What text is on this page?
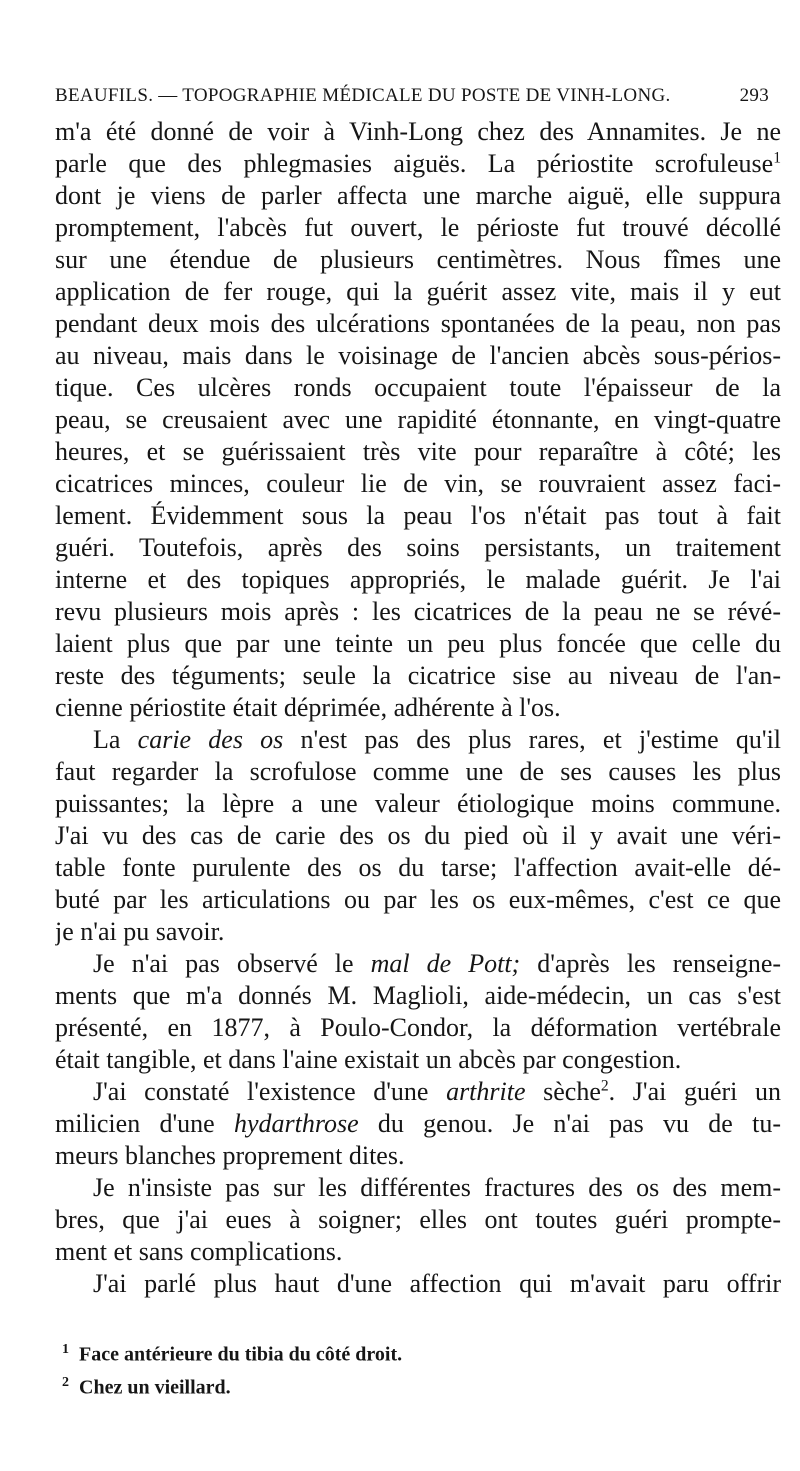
BEAUFILS. — TOPOGRAPHIE MÉDICALE DU POSTE DE VINH-LONG.	293
m'a été donné de voir à Vinh-Long chez des Annamites. Je ne
parle que des phlegmasies aiguës. La périostite scrofuleuse$^1$
dont je viens de parler affecta une marche aiguë, elle suppura
promptement, l'abcès fut ouvert, le périoste fut trouvé décollé
sur une étendue de plusieurs centimètres. Nous fîmes une
application de fer rouge, qui la guérit assez vite, mais il y eut
pendant deux mois des ulcérations spontanées de la peau, non pas
au niveau, mais dans le voisinage de l'ancien abcès sous-périos-
tique. Ces ulcères ronds occupaient toute l'épaisseur de la
peau, se creusaient avec une rapidité étonnante, en vingt-quatre
heures, et se guérissaient très vite pour reparaître à côté; les
cicatrices minces, couleur lie de vin, se rouvraient assez faci-
lement. Évidemment sous la peau l'os n'était pas tout à fait
guéri. Toutefois, après des soins persistants, un traitement
interne et des topiques appropriés, le malade guérit. Je l'ai
revu plusieurs mois après : les cicatrices de la peau ne se révé-
laient plus que par une teinte un peu plus foncée que celle du
reste des téguments; seule la cicatrice sise au niveau de l'an-
cienne périostite était déprimée, adhérente à l'os.
La carie des os n'est pas des plus rares, et j'estime qu'il
faut regarder la scrofulose comme une de ses causes les plus
puissantes; la lèpre a une valeur étiologique moins commune.
J'ai vu des cas de carie des os du pied où il y avait une véri-
table fonte purulente des os du tarse; l'affection avait-elle dé-
buté par les articulations ou par les os eux-mêmes, c'est ce que
je n'ai pu savoir.
Je n'ai pas observé le mal de Pott; d'après les renseigne-
ments que m'a donnés M. Maglioli, aide-médecin, un cas s'est
présenté, en 1877, à Poulo-Condor, la déformation vertébrale
était tangible, et dans l'aine existait un abcès par congestion.
J'ai constaté l'existence d'une arthrite sèche$^2$. J'ai guéri un
milicien d'une hydarthrose du genou. Je n'ai pas vu de tu-
meurs blanches proprement dites.
Je n'insiste pas sur les différentes fractures des os des mem-
bres, que j'ai eues à soigner; elles ont toutes guéri prompte-
ment et sans complications.
J'ai parlé plus haut d'une affection qui m'avait paru offrir
$^1$ Face antérieure du tibia du côté droit.
$^2$ Chez un vieillard.
